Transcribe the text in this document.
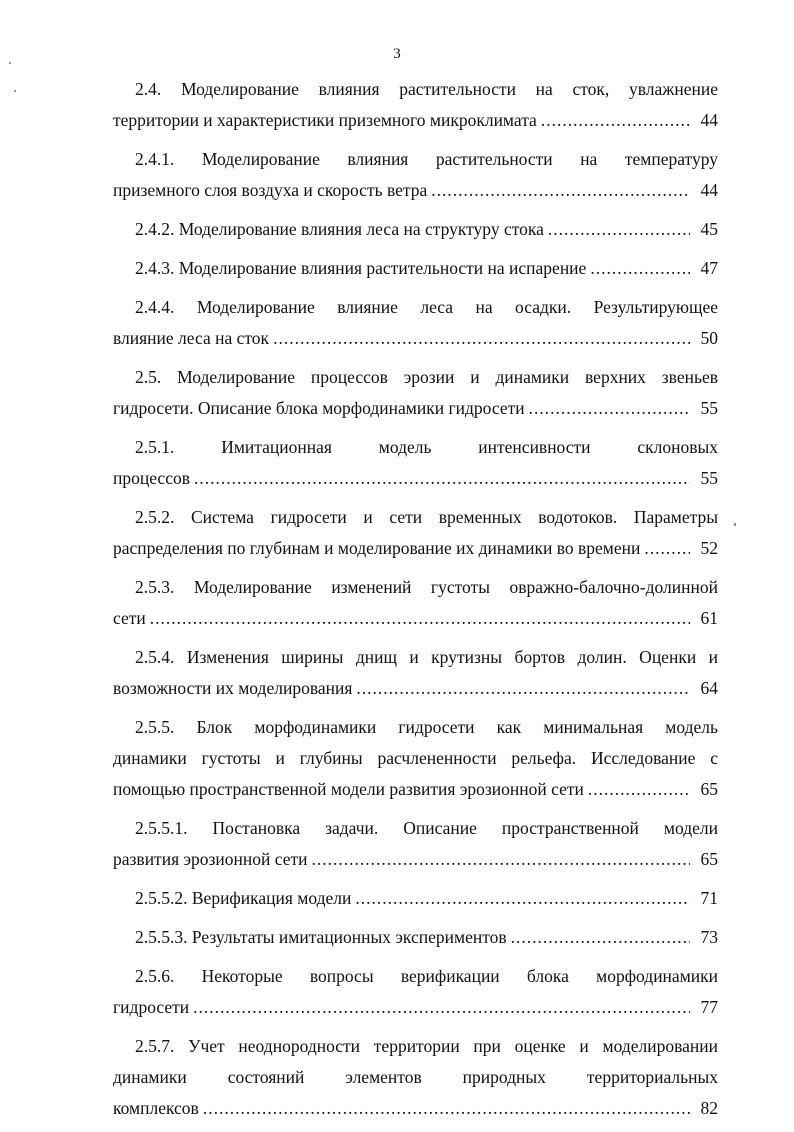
3
2.4. Моделирование влияния растительности на сток, увлажнение
территории и характеристики приземного микроклимата .....	44
2.4.1. Моделирование влияния растительности на температуру
приземного слоя воздуха и скорость ветра .....	44
2.4.2. Моделирование влияния леса на структуру стока .....	45
2.4.3. Моделирование влияния растительности на испарение .....	47
2.4.4. Моделирование влияние леса на осадки. Результирующее
влияние леса на сток .....	50
2.5. Моделирование процессов эрозии и динамики верхних звеньев
гидросети. Описание блока морфодинамики гидросети .....	55
2.5.1. Имитационная модель интенсивности склоновых
процессов .....	55
2.5.2. Система гидросети и сети временных водотоков. Параметры
распределения по глубинам и моделирование их динамики во времени .....	52
2.5.3. Моделирование изменений густоты овражно-балочно-долинной
сети .....	61
2.5.4. Изменения ширины днищ и крутизны бортов долин. Оценки и
возможности их моделирования .....	64
2.5.5. Блок морфодинамики гидросети как минимальная модель
динамики густоты и глубины расчлененности рельефа. Исследование с
помощью пространственной модели развития эрозионной сети .....	65
2.5.5.1. Постановка задачи. Описание пространственной модели
развития эрозионной сети .....	65
2.5.5.2. Верификация модели .....	71
2.5.5.3. Результаты имитационных экспериментов .....	73
2.5.6. Некоторые вопросы верификации блока морфодинамики
гидросети .....	77
2.5.7. Учет неоднородности территории при оценке и моделировании
динамики состояний элементов природных территориальных
комплексов .....	82
